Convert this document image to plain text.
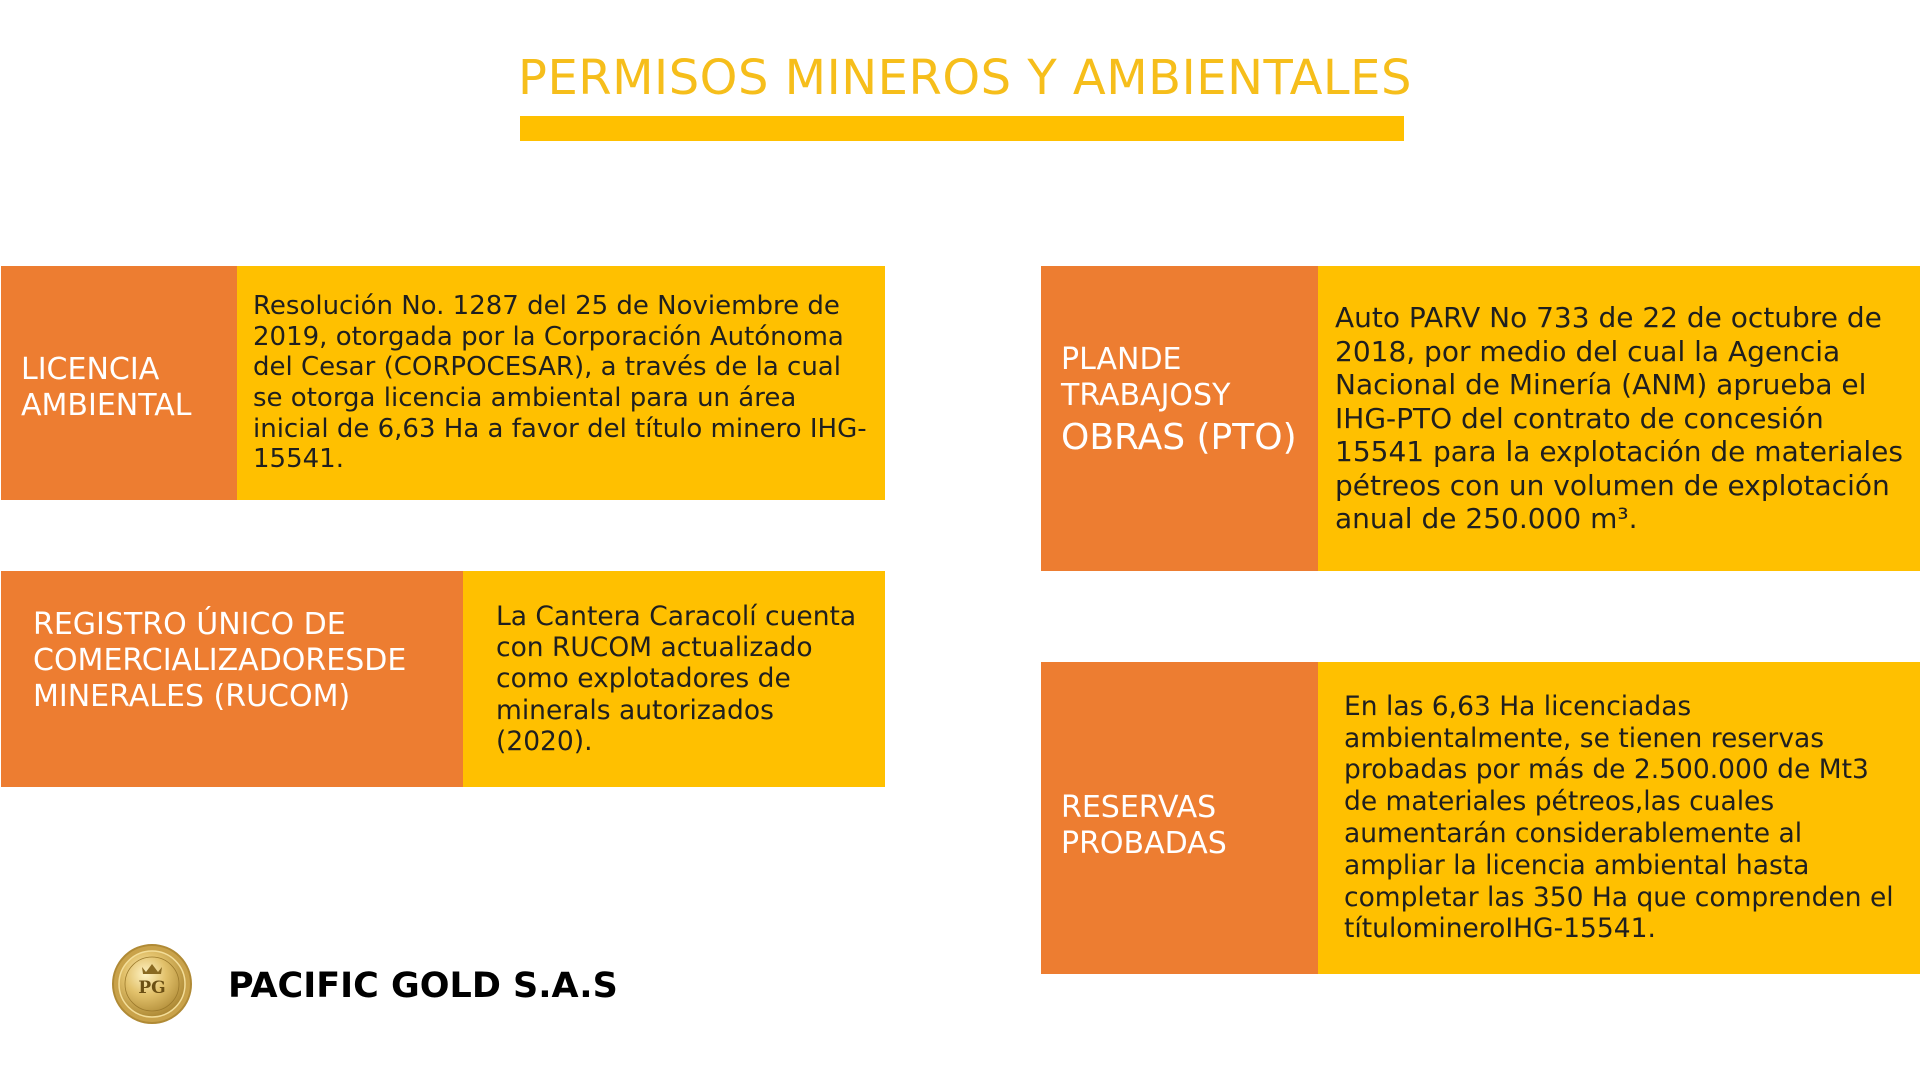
PERMISOS MINEROS Y AMBIENTALES
LICENCIA
AMBIENTAL
Resolución No. 1287 del 25 de Noviembre de 2019, otorgada por la Corporación Autónoma del Cesar (CORPOCESAR), a través de la cual se otorga licencia ambiental para un área inicial de 6,63 Ha a favor del título minero IHG-15541.
REGISTRO ÚNICO DE
COMERCIALIZADORESDE
MINERALES (RUCOM)
La Cantera Caracolí cuenta con RUCOM actualizado como explotadores de minerals autorizados (2020).
PLANDE
TRABAJOSY
OBRAS (PTO)
Auto PARV No 733 de 22 de octubre de 2018, por medio del cual la Agencia Nacional de Minería (ANM) aprueba el IHG-PTO del contrato de concesión 15541 para la explotación de materiales pétreos con un volumen de explotación anual de 250.000 m³.
RESERVAS
PROBADAS
En las 6,63 Ha licenciadas ambientalmente, se tienen reservas probadas por más de 2.500.000 de Mt3 de materiales pétreos,las cuales aumentarán considerablemente al ampliar la licencia ambiental hasta completar las 350 Ha que comprenden el títulomineroIHG-15541.
PG PACIFIC GOLD S.A.S
